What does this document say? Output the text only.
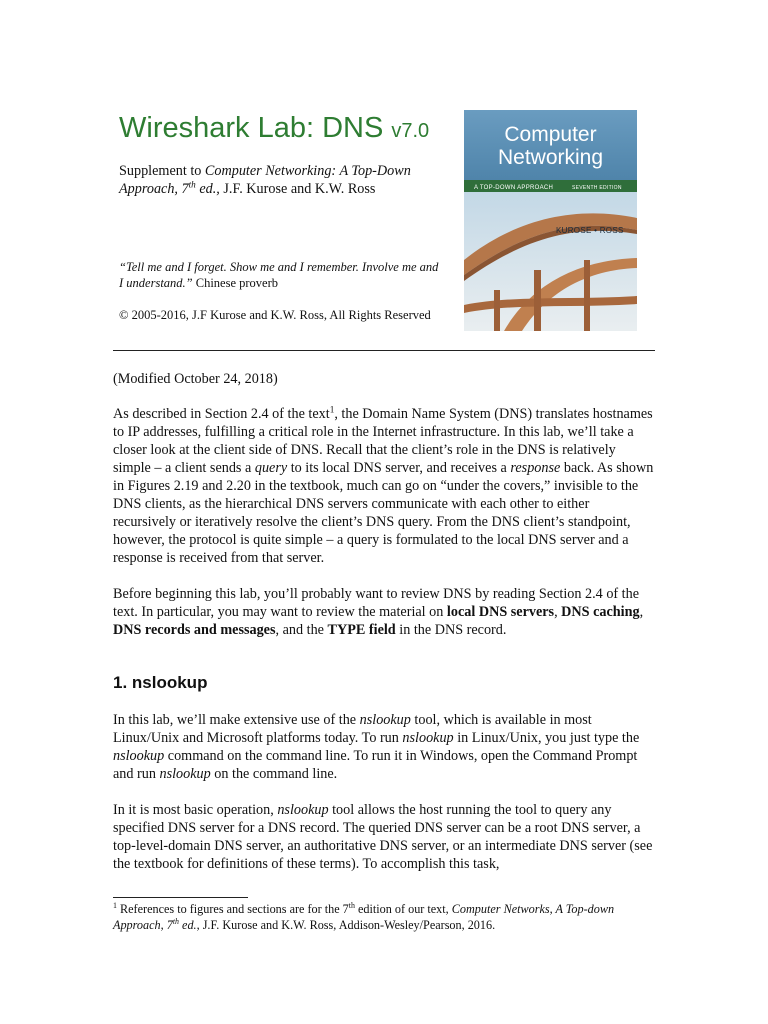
Wireshark Lab: DNS v7.0
Supplement to Computer Networking: A Top-Down Approach, 7th ed., J.F. Kurose and K.W. Ross
“Tell me and I forget. Show me and I remember. Involve me and I understand.” Chinese proverb
© 2005-2016, J.F Kurose and K.W. Ross, All Rights Reserved
Computer
Networking
A TOP-DOWN APPROACH	SEVENTH EDITION
KUROSE • ROSS
(Modified October 24, 2018)
As described in Section 2.4 of the text$^1$, the Domain Name System (DNS) translates hostnames to IP addresses, fulfilling a critical role in the Internet infrastructure. In this lab, we’ll take a closer look at the client side of DNS. Recall that the client’s role in the DNS is relatively simple – a client sends a query to its local DNS server, and receives a response back. As shown in Figures 2.19 and 2.20 in the textbook, much can go on “under the covers,” invisible to the DNS clients, as the hierarchical DNS servers communicate with each other to either recursively or iteratively resolve the client’s DNS query. From the DNS client’s standpoint, however, the protocol is quite simple – a query is formulated to the local DNS server and a response is received from that server.
Before beginning this lab, you’ll probably want to review DNS by reading Section 2.4 of the text. In particular, you may want to review the material on local DNS servers, DNS caching, DNS records and messages, and the TYPE field in the DNS record.
1. nslookup
In this lab, we’ll make extensive use of the nslookup tool, which is available in most Linux/Unix and Microsoft platforms today. To run nslookup in Linux/Unix, you just type the nslookup command on the command line. To run it in Windows, open the Command Prompt and run nslookup on the command line.
In it is most basic operation, nslookup tool allows the host running the tool to query any specified DNS server for a DNS record. The queried DNS server can be a root DNS server, a top-level-domain DNS server, an authoritative DNS server, or an intermediate DNS server (see the textbook for definitions of these terms). To accomplish this task,
$^1$ References to figures and sections are for the 7th edition of our text, Computer Networks, A Top-down Approach, 7th ed., J.F. Kurose and K.W. Ross, Addison-Wesley/Pearson, 2016.
